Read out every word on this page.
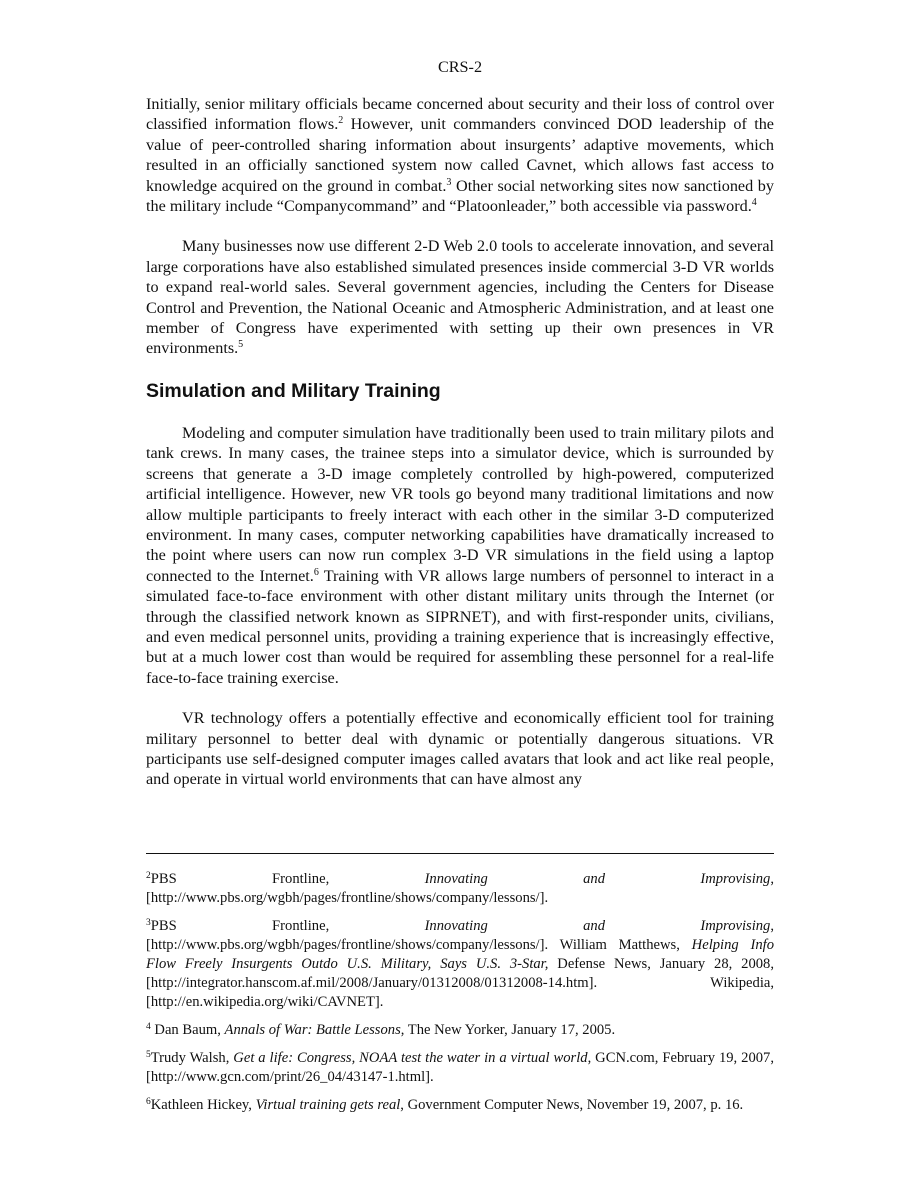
CRS-2

Initially, senior military officials became concerned about security and their loss of control over classified information flows.$^2$ However, unit commanders convinced DOD leadership of the value of peer-controlled sharing information about insurgents’ adaptive movements, which resulted in an officially sanctioned system now called Cavnet, which allows fast access to knowledge acquired on the ground in combat.$^3$ Other social networking sites now sanctioned by the military include “Companycommand” and “Platoonleader,” both accessible via password.$^4$

Many businesses now use different 2-D Web 2.0 tools to accelerate innovation, and several large corporations have also established simulated presences inside commercial 3-D VR worlds to expand real-world sales. Several government agencies, including the Centers for Disease Control and Prevention, the National Oceanic and Atmospheric Administration, and at least one member of Congress have experimented with setting up their own presences in VR environments.$^5$

Simulation and Military Training

Modeling and computer simulation have traditionally been used to train military pilots and tank crews. In many cases, the trainee steps into a simulator device, which is surrounded by screens that generate a 3-D image completely controlled by high-powered, computerized artificial intelligence. However, new VR tools go beyond many traditional limitations and now allow multiple participants to freely interact with each other in the similar 3-D computerized environment. In many cases, computer networking capabilities have dramatically increased to the point where users can now run complex 3-D VR simulations in the field using a laptop connected to the Internet.$^6$ Training with VR allows large numbers of personnel to interact in a simulated face-to-face environment with other distant military units through the Internet (or through the classified network known as SIPRNET), and with first-responder units, civilians, and even medical personnel units, providing a training experience that is increasingly effective, but at a much lower cost than would be required for assembling these personnel for a real-life face-to-face training exercise.

VR technology offers a potentially effective and economically efficient tool for training military personnel to better deal with dynamic or potentially dangerous situations. VR participants use self-designed computer images called avatars that look and act like real people, and operate in virtual world environments that can have almost any

$^2$PBS Frontline, Innovating and Improvising, [http://www.pbs.org/wgbh/pages/frontline/shows/company/lessons/].

$^3$PBS Frontline, Innovating and Improvising, [http://www.pbs.org/wgbh/pages/frontline/shows/company/lessons/]. William Matthews, Helping Info Flow Freely Insurgents Outdo U.S. Military, Says U.S. 3-Star, Defense News, January 28, 2008, [http://integrator.hanscom.af.mil/2008/January/01312008/01312008-14.htm]. Wikipedia, [http://en.wikipedia.org/wiki/CAVNET].

$^4$ Dan Baum, Annals of War: Battle Lessons, The New Yorker, January 17, 2005.

$^5$Trudy Walsh, Get a life: Congress, NOAA test the water in a virtual world, GCN.com, February 19, 2007, [http://www.gcn.com/print/26_04/43147-1.html].

$^6$Kathleen Hickey, Virtual training gets real, Government Computer News, November 19, 2007, p. 16.
